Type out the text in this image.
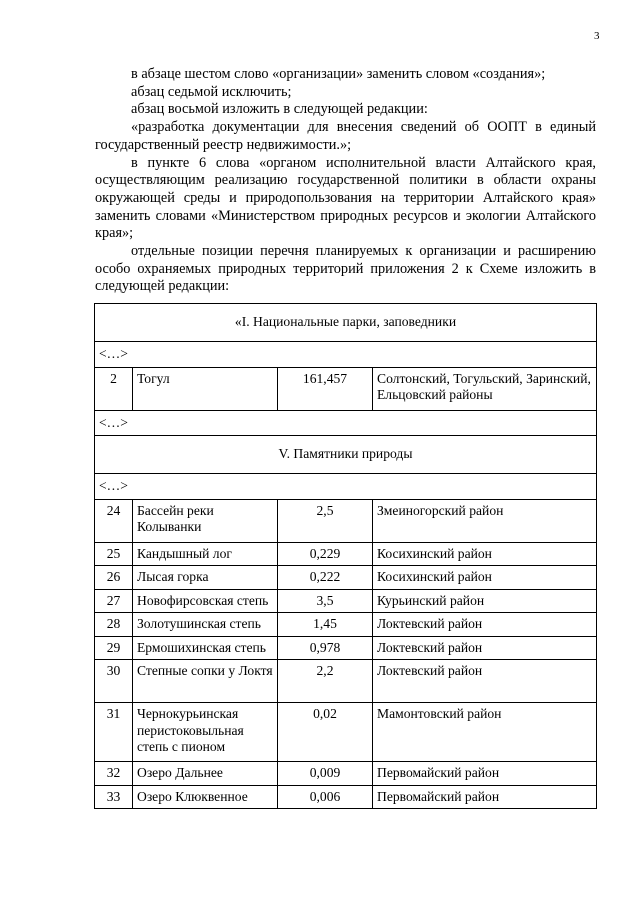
3

в абзаце шестом слово «организации» заменить словом «создания»;

абзац седьмой исключить;

абзац восьмой изложить в следующей редакции:

«разработка документации для внесения сведений об ООПТ в единый государственный реестр недвижимости.»;

в пункте 6 слова «органом исполнительной власти Алтайского края, осуществляющим реализацию государственной политики в области охраны окружающей среды и природопользования на территории Алтайского края» заменить словами «Министерством природных ресурсов и экологии Алтайского края»;

отдельные позиции перечня планируемых к организации и расширению особо охраняемых природных территорий приложения 2 к Схеме изложить в следующей редакции:

«I. Национальные парки, заповедники			
<…>			
2	Тогул	161,457	Солтонский, Тогульский, Заринский, Ельцовский районы
<…>			
V. Памятники природы			
<…>			
24	Бассейн реки Колыванки	2,5	Змеиногорский район
25	Кандышный лог	0,229	Косихинский район
26	Лысая горка	0,222	Косихинский район
27	Новофирсовская степь	3,5	Курьинский район
28	Золотушинская степь	1,45	Локтевский район
29	Ермошихинская степь	0,978	Локтевский район
30	Степные сопки у Локтя	2,2	Локтевский район
31	Чернокурьинская перистоковыльная степь с пионом	0,02	Мамонтовский район
32	Озеро Дальнее	0,009	Первомайский район
33	Озеро Клюквенное	0,006	Первомайский район
